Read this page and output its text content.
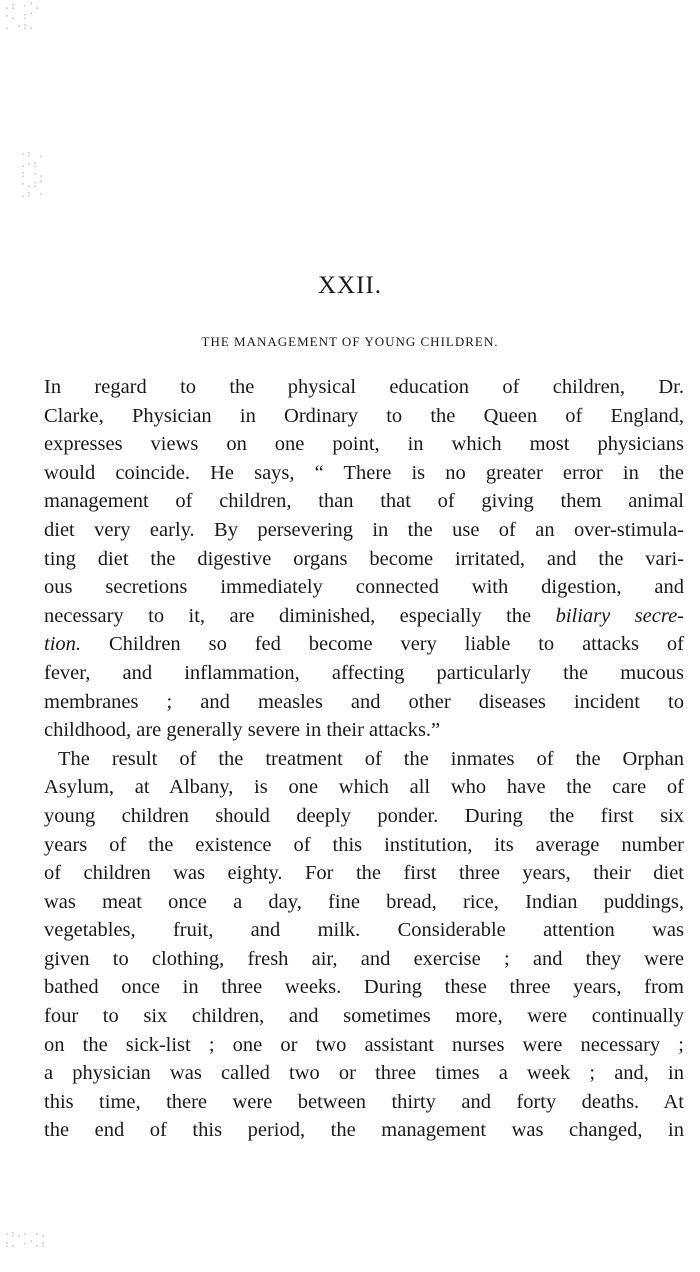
.: ·'.
·. :'
. ·:.
·: .
.·:
: ·.
·.:'
.: ·
·:.· ·.
:. ·'.:
XXII.
THE MANAGEMENT OF YOUNG CHILDREN.
In regard to the physical education of children, Dr.
Clarke, Physician in Ordinary to the Queen of England,
expresses views on one point, in which most physicians
would coincide. He says, “ There is no greater error in the
management of children, than that of giving them animal
diet very early. By persevering in the use of an over-stimula-
ting diet the digestive organs become irritated, and the vari-
ous secretions immediately connected with digestion, and
necessary to it, are diminished, especially the biliary secre-
tion. Children so fed become very liable to attacks of
fever, and inflammation, affecting particularly the mucous
membranes ; and measles and other diseases incident to
childhood, are generally severe in their attacks.”
The result of the treatment of the inmates of the Orphan
Asylum, at Albany, is one which all who have the care of
young children should deeply ponder. During the first six
years of the existence of this institution, its average number
of children was eighty. For the first three years, their diet
was meat once a day, fine bread, rice, Indian puddings,
vegetables, fruit, and milk. Considerable attention was
given to clothing, fresh air, and exercise ; and they were
bathed once in three weeks. During these three years, from
four to six children, and sometimes more, were continually
on the sick-list ; one or two assistant nurses were necessary ;
a physician was called two or three times a week ; and, in
this time, there were between thirty and forty deaths. At
the end of this period, the management was changed, in
